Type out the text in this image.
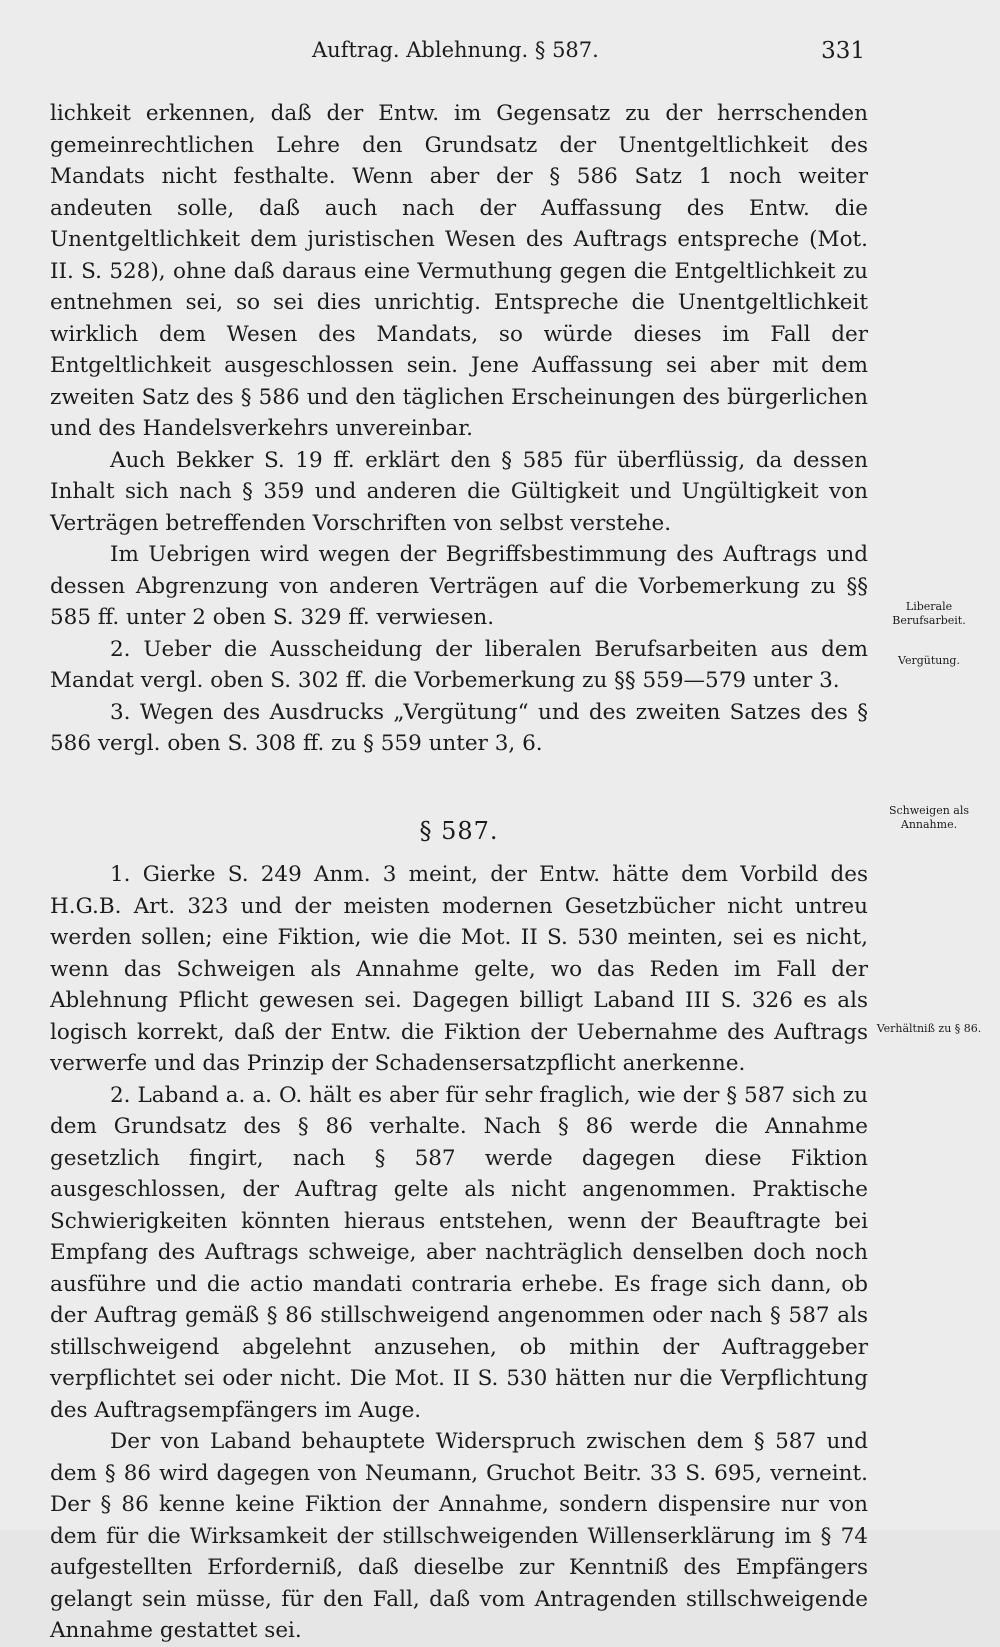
Auftrag. Ablehnung. § 587.	331

lichkeit erkennen, daß der Entw. im Gegensatz zu der herrschenden gemeinrechtlichen Lehre den Grundsatz der Unentgeltlichkeit des Mandats nicht festhalte. Wenn aber der § 586 Satz 1 noch weiter andeuten solle, daß auch nach der Auffassung des Entw. die Unentgeltlichkeit dem juristischen Wesen des Auftrags entspreche (Mot. II. S. 528), ohne daß daraus eine Vermuthung gegen die Entgeltlichkeit zu entnehmen sei, so sei dies unrichtig. Entspreche die Unentgeltlichkeit wirklich dem Wesen des Mandats, so würde dieses im Fall der Entgeltlichkeit ausgeschlossen sein. Jene Auffassung sei aber mit dem zweiten Satz des § 586 und den täglichen Erscheinungen des bürgerlichen und des Handelsverkehrs unvereinbar.

Auch Bekker S. 19 ff. erklärt den § 585 für überflüssig, da dessen Inhalt sich nach § 359 und anderen die Gültigkeit und Ungültigkeit von Verträgen betreffenden Vorschriften von selbst verstehe.

Im Uebrigen wird wegen der Begriffsbestimmung des Auftrags und dessen Abgrenzung von anderen Verträgen auf die Vorbemerkung zu §§ 585 ff. unter 2 oben S. 329 ff. verwiesen.

2. Ueber die Ausscheidung der liberalen Berufsarbeiten aus dem Mandat vergl. oben S. 302 ff. die Vorbemerkung zu §§ 559—579 unter 3.

3. Wegen des Ausdrucks „Vergütung“ und des zweiten Satzes des § 586 vergl. oben S. 308 ff. zu § 559 unter 3, 6.

§ 587.

1. Gierke S. 249 Anm. 3 meint, der Entw. hätte dem Vorbild des H.G.B. Art. 323 und der meisten modernen Gesetzbücher nicht untreu werden sollen; eine Fiktion, wie die Mot. II S. 530 meinten, sei es nicht, wenn das Schweigen als Annahme gelte, wo das Reden im Fall der Ablehnung Pflicht gewesen sei. Dagegen billigt Laband III S. 326 es als logisch korrekt, daß der Entw. die Fiktion der Uebernahme des Auftrags verwerfe und das Prinzip der Schadensersatzpflicht anerkenne.

2. Laband a. a. O. hält es aber für sehr fraglich, wie der § 587 sich zu dem Grundsatz des § 86 verhalte. Nach § 86 werde die Annahme gesetzlich fingirt, nach § 587 werde dagegen diese Fiktion ausgeschlossen, der Auftrag gelte als nicht angenommen. Praktische Schwierigkeiten könnten hieraus entstehen, wenn der Beauftragte bei Empfang des Auftrags schweige, aber nachträglich denselben doch noch ausführe und die actio mandati contraria erhebe. Es frage sich dann, ob der Auftrag gemäß § 86 stillschweigend angenommen oder nach § 587 als stillschweigend abgelehnt anzusehen, ob mithin der Auftraggeber verpflichtet sei oder nicht. Die Mot. II S. 530 hätten nur die Verpflichtung des Auftragsempfängers im Auge.

Der von Laband behauptete Widerspruch zwischen dem § 587 und dem § 86 wird dagegen von Neumann, Gruchot Beitr. 33 S. 695, verneint. Der § 86 kenne keine Fiktion der Annahme, sondern dispensire nur von dem für die Wirksamkeit der stillschweigenden Willenserklärung im § 74 aufgestellten Erforderniß, daß dieselbe zur Kenntniß des Empfängers gelangt sein müsse, für den Fall, daß vom Antragenden stillschweigende Annahme gestattet sei.

Liberale Berufsarbeit.
Vergütung.
Schweigen als Annahme.
Verhältniß zu § 86.
